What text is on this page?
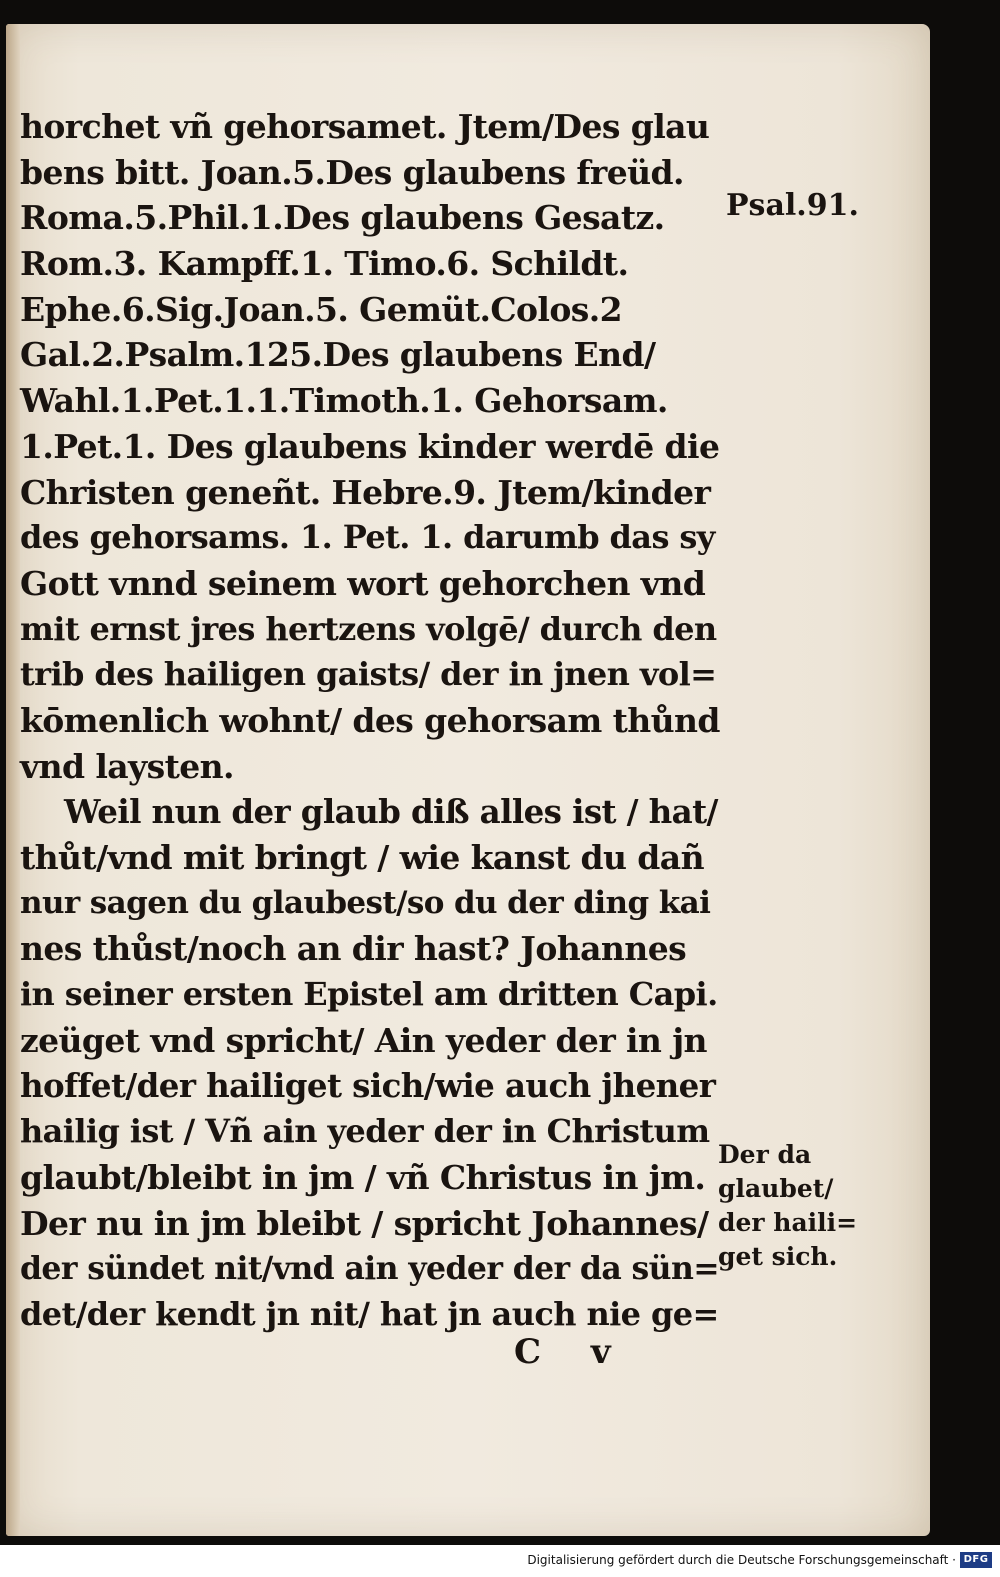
horchet vñ gehorsamet. Jtem/Des glau
bens bitt. Joan.5.Des glaubens freüd.
Roma.5.Phil.1.Des glaubens Gesatz.
Rom.3. Kampff.1. Timo.6. Schildt.
Ephe.6.Sig.Joan.5. Gemüt.Colos.2
Gal.2.Psalm.125.Des glaubens End/
Wahl.1.Pet.1.1.Timoth.1. Gehorsam.
1.Pet.1. Des glaubens kinder werdē die
Christen geneñt. Hebre.9. Jtem/kinder
des gehorsams. 1. Pet. 1. darumb das sy
Gott vnnd seinem wort gehorchen vnd
mit ernst jres hertzens volgē/ durch den
trib des hailigen gaists/ der in jnen vol=
kōmenlich wohnt/ des gehorsam thůnd
vnd laysten.
Weil nun der glaub diß alles ist / hat/
thůt/vnd mit bringt / wie kanst du dañ
nur sagen du glaubest/so du der ding kai
nes thůst/noch an dir hast? Johannes
in seiner ersten Epistel am dritten Capi.
zeüget vnd spricht/ Ain yeder der in jn
hoffet/der hailiget sich/wie auch jhener
hailig ist / Vñ ain yeder der in Christum
glaubt/bleibt in jm / vñ Christus in jm.
Der nu in jm bleibt / spricht Johannes/
der sündet nit/vnd ain yeder der da sün=
det/der kendt jn nit/ hat jn auch nie ge=
Psal.91.
Der da
glaubet/
der haili=
get sich.
C v
Digitalisierung gefördert durch die Deutsche Forschungsgemeinschaft · DFG
